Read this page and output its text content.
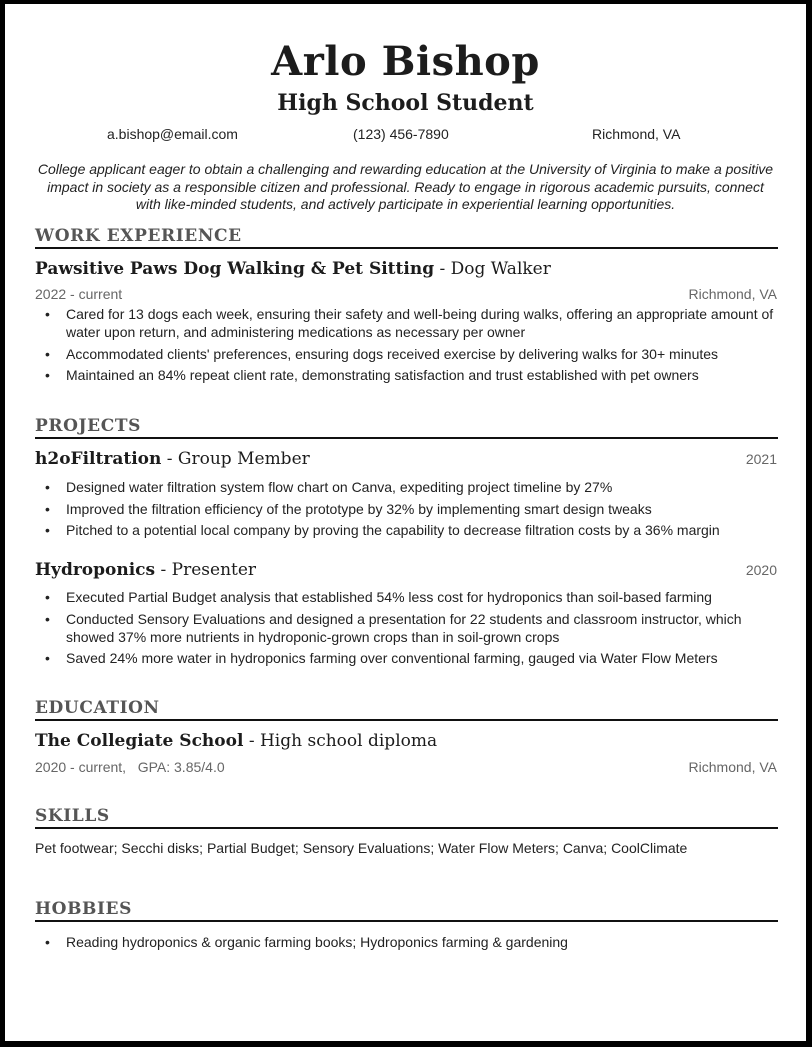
Arlo Bishop
High School Student
a.bishop@email.com	(123) 456-7890	Richmond, VA
College applicant eager to obtain a challenging and rewarding education at the University of Virginia to make a positive impact in society as a responsible citizen and professional. Ready to engage in rigorous academic pursuits, connect with like-minded students, and actively participate in experiential learning opportunities.
WORK EXPERIENCE
Pawsitive Paws Dog Walking & Pet Sitting - Dog Walker
2022 - current	Richmond, VA
• Cared for 13 dogs each week, ensuring their safety and well-being during walks, offering an appropriate amount of water upon return, and administering medications as necessary per owner
• Accommodated clients' preferences, ensuring dogs received exercise by delivering walks for 30+ minutes
• Maintained an 84% repeat client rate, demonstrating satisfaction and trust established with pet owners
PROJECTS
h2oFiltration - Group Member	2021
• Designed water filtration system flow chart on Canva, expediting project timeline by 27%
• Improved the filtration efficiency of the prototype by 32% by implementing smart design tweaks
• Pitched to a potential local company by proving the capability to decrease filtration costs by a 36% margin
Hydroponics - Presenter	2020
• Executed Partial Budget analysis that established 54% less cost for hydroponics than soil-based farming
• Conducted Sensory Evaluations and designed a presentation for 22 students and classroom instructor, which showed 37% more nutrients in hydroponic-grown crops than in soil-grown crops
• Saved 24% more water in hydroponics farming over conventional farming, gauged via Water Flow Meters
EDUCATION
The Collegiate School - High school diploma
2020 - current,   GPA: 3.85/4.0	Richmond, VA
SKILLS
Pet footwear; Secchi disks; Partial Budget; Sensory Evaluations; Water Flow Meters; Canva; CoolClimate
HOBBIES
• Reading hydroponics & organic farming books; Hydroponics farming & gardening
